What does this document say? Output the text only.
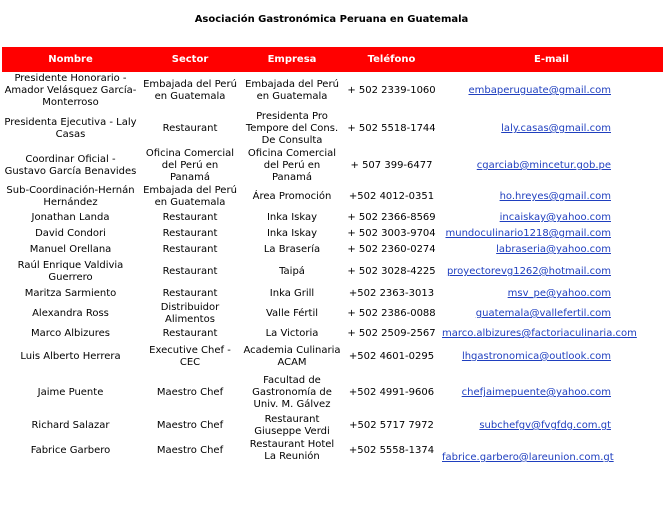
Asociación Gastronómica Peruana en Guatemala
Nombre	Sector	Empresa	Teléfono	E-mail
Presidente Honorario - Amador Velásquez García-Monterroso	Embajada del Perú en Guatemala	Embajada del Perú en Guatemala	+ 502 2339-1060	embaperuguate@gmail.com
Presidenta Ejecutiva - Laly Casas	Restaurant	Presidenta Pro Tempore del Cons. De Consulta	+ 502 5518-1744	laly.casas@gmail.com
Coordinar Oficial - Gustavo García Benavides	Oficina Comercial del Perú en Panamá	Oficina Comercial del Perú en Panamá	+ 507 399-6477	cgarciab@mincetur.gob.pe
Sub-Coordinación-Hernán Hernández	Embajada del Perú en Guatemala	Área Promoción	+502 4012-0351	ho.hreyes@gmail.com
Jonathan Landa	Restaurant	Inka Iskay	+ 502 2366-8569	incaiskay@yahoo.com
David Condori	Restaurant	Inka Iskay	+ 502 3003-9704	mundoculinario1218@gmail.com
Manuel Orellana	Restaurant	La Brasería	+ 502 2360-0274	labraseria@yahoo.com
Raúl Enrique Valdivia Guerrero	Restaurant	Taipá	+ 502 3028-4225	proyectorevg1262@hotmail.com
Maritza Sarmiento	Restaurant	Inka Grill	+502 2363-3013	msv_pe@yahoo.com
Alexandra Ross	Distribuidor Alimentos	Valle Fértil	+ 502 2386-0088	guatemala@vallefertil.com
Marco Albizures	Restaurant	La Victoria	+ 502 2509-2567	marco.albizures@factoriaculinaria.com
Luis Alberto Herrera	Executive Chef - CEC	Academia Culinaria ACAM	+502 4601-0295	lhgastronomica@outlook.com
Jaime Puente	Maestro Chef	Facultad de Gastronomía de Univ. M. Gálvez	+502 4991-9606	chefjaimepuente@yahoo.com
Richard Salazar	Maestro Chef	Restaurant Giuseppe Verdi	+502 5717 7972	subchefgv@fvgfdg.com.gt
Fabrice Garbero	Maestro Chef	Restaurant Hotel La Reunión	+502 5558-1374	fabrice.garbero@lareunion.com.gt
